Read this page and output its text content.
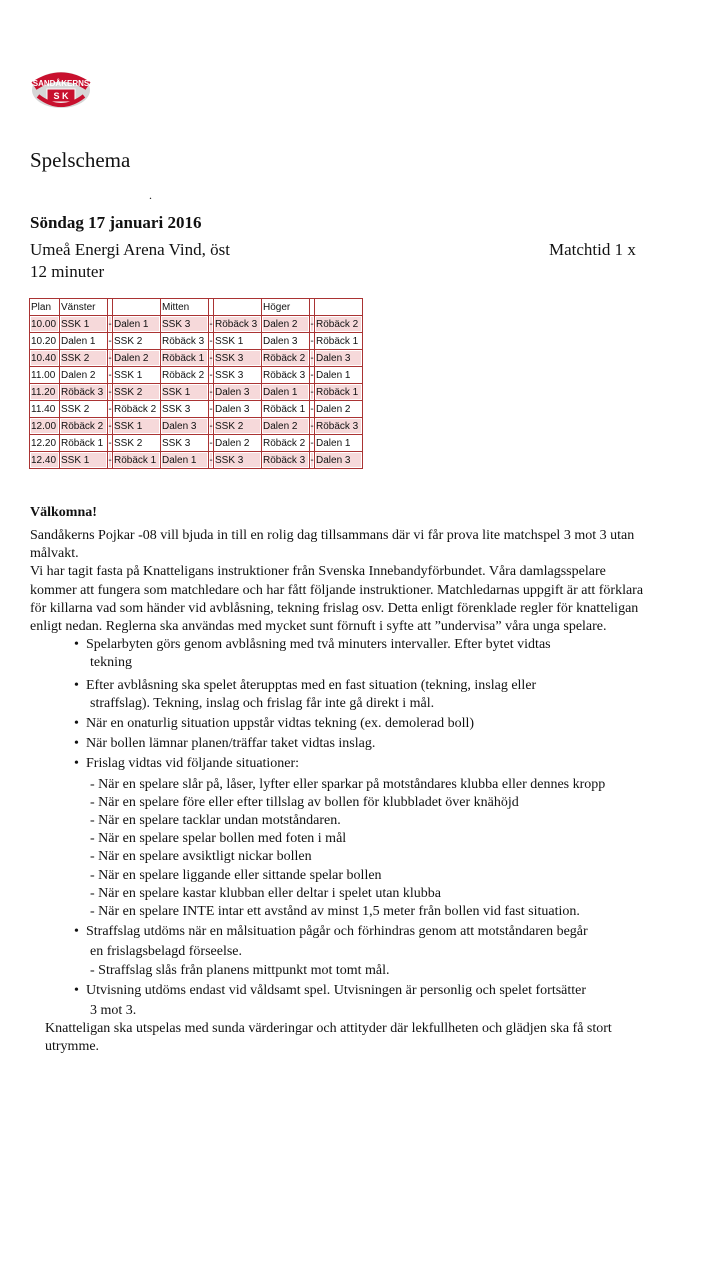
SANDÅKERNS
S K
Spelschema
.
Söndag 17 januari 2016
Umeå Energi Arena Vind, öst	Matchtid 1 x
12 minuter
Plan	Vänster			Mitten			Höger		
10.00	SSK 1	-	Dalen 1	SSK 3	-	Röbäck 3	Dalen 2	-	Röbäck 2
10.20	Dalen 1	-	SSK 2	Röbäck 3	-	SSK 1	Dalen 3	-	Röbäck 1
10.40	SSK 2	-	Dalen 2	Röbäck 1	-	SSK 3	Röbäck 2	-	Dalen 3
11.00	Dalen 2	-	SSK 1	Röbäck 2	-	SSK 3	Röbäck 3	-	Dalen 1
11.20	Röbäck 3	-	SSK 2	SSK 1	-	Dalen 3	Dalen 1	-	Röbäck 1
11.40	SSK 2	-	Röbäck 2	SSK 3	-	Dalen 3	Röbäck 1	-	Dalen 2
12.00	Röbäck 2	-	SSK 1	Dalen 3	-	SSK 2	Dalen 2	-	Röbäck 3
12.20	Röbäck 1	-	SSK 2	SSK 3	-	Dalen 2	Röbäck 2	-	Dalen 1
12.40	SSK 1	-	Röbäck 1	Dalen 1	-	SSK 3	Röbäck 3	-	Dalen 3
Välkomna!

Sandåkerns Pojkar -08 vill bjuda in till en rolig dag tillsammans där vi får prova lite matchspel 3 mot 3 utan målvakt.

Vi har tagit fasta på Knatteligans instruktioner från Svenska Innebandyförbundet. Våra damlagsspelare kommer att fungera som matchledare och har fått följande instruktioner. Matchledarnas uppgift är att förklara för killarna vad som händer vid avblåsning, tekning frislag osv. Detta enligt förenklade regler för knatteligan enligt nedan. Reglerna ska användas med mycket sunt förnuft i syfte att ”undervisa” våra unga spelare.

• Spelarbyten görs genom avblåsning med två minuters intervaller. Efter bytet vidtas
tekning
• Efter avblåsning ska spelet återupptas med en fast situation (tekning, inslag eller
straffslag). Tekning, inslag och frislag får inte gå direkt i mål.
• När en onaturlig situation uppstår vidtas tekning (ex. demolerad boll)
• När bollen lämnar planen/träffar taket vidtas inslag.
• Frislag vidtas vid följande situationer:
- När en spelare slår på, låser, lyfter eller sparkar på motståndares klubba eller dennes kropp
- När en spelare före eller efter tillslag av bollen för klubbladet över knähöjd
- När en spelare tacklar undan motståndaren.
- När en spelare spelar bollen med foten i mål
- När en spelare avsiktligt nickar bollen
- När en spelare liggande eller sittande spelar bollen
- När en spelare kastar klubban eller deltar i spelet utan klubba
- När en spelare INTE intar ett avstånd av minst 1,5 meter från bollen vid fast situation.
• Straffslag utdöms när en målsituation pågår och förhindras genom att motståndaren begår
en frislagsbelagd förseelse.
- Straffslag slås från planens mittpunkt mot tomt mål.
• Utvisning utdöms endast vid våldsamt spel. Utvisningen är personlig och spelet fortsätter
3 mot 3.

Knatteligan ska utspelas med sunda värderingar och attityder där lekfullheten och glädjen ska få stort utrymme.
